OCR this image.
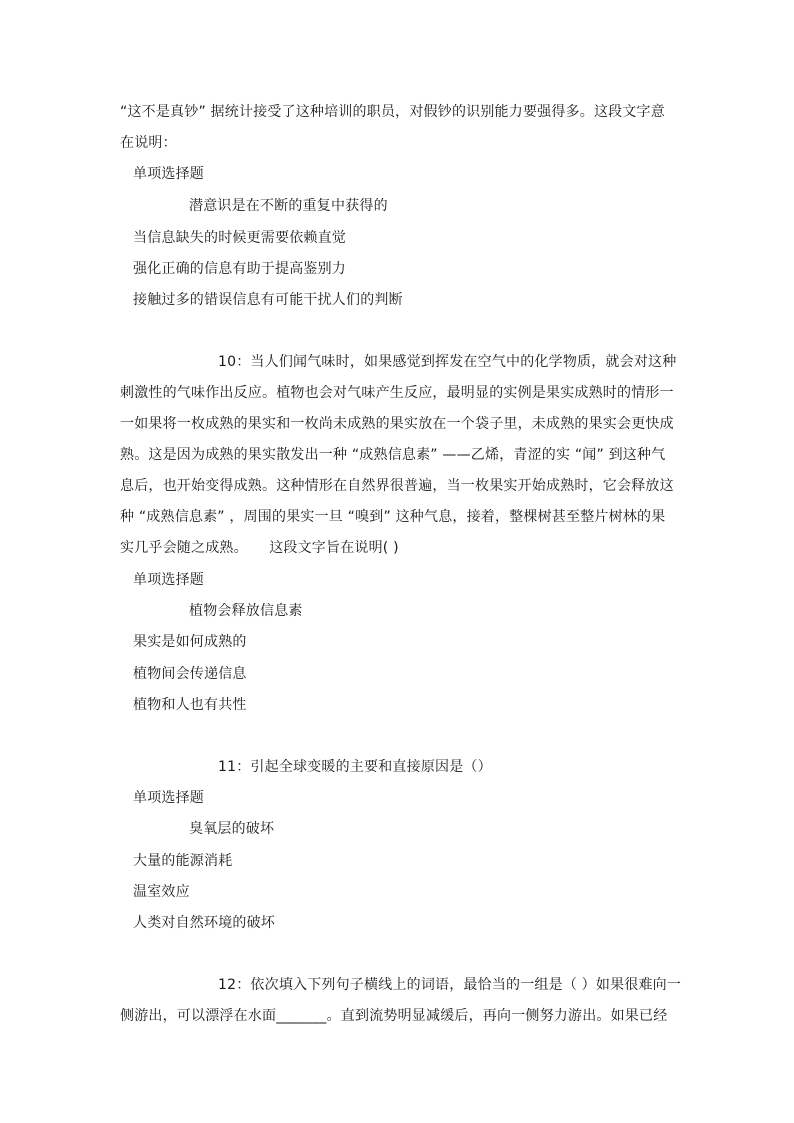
“这不是真钞” 据统计接受了这种培训的职员，对假钞的识别能力要强得多。这段文字意
在说明：
单项选择题
潜意识是在不断的重复中获得的
当信息缺失的时候更需要依赖直觉
强化正确的信息有助于提高鉴别力
接触过多的错误信息有可能干扰人们的判断
10：当人们闻气味时，如果感觉到挥发在空气中的化学物质，就会对这种
刺激性的气味作出反应。植物也会对气味产生反应，最明显的实例是果实成熟时的情形一
一如果将一枚成熟的果实和一枚尚未成熟的果实放在一个袋子里，未成熟的果实会更快成
熟。这是因为成熟的果实散发出一种 “成熟信息素” ——乙烯，青涩的实 “闻” 到这种气
息后，也开始变得成熟。这种情形在自然界很普遍，当一枚果实开始成熟时，它会释放这
种 “成熟信息素” ，周围的果实一旦 “嗅到” 这种气息，接着，整棵树甚至整片树林的果
实几乎会随之成熟。　　这段文字旨在说明( )
单项选择题
植物会释放信息素
果实是如何成熟的
植物间会传递信息
植物和人也有共性
11：引起全球变暖的主要和直接原因是（）
单项选择题
臭氧层的破坏
大量的能源消耗
温室效应
人类对自然环境的破坏
12：依次填入下列句子横线上的词语，最恰当的一组是（ ）如果很难向一
侧游出，可以漂浮在水面_______。直到流势明显减缓后，再向一侧努力游出。如果已经
